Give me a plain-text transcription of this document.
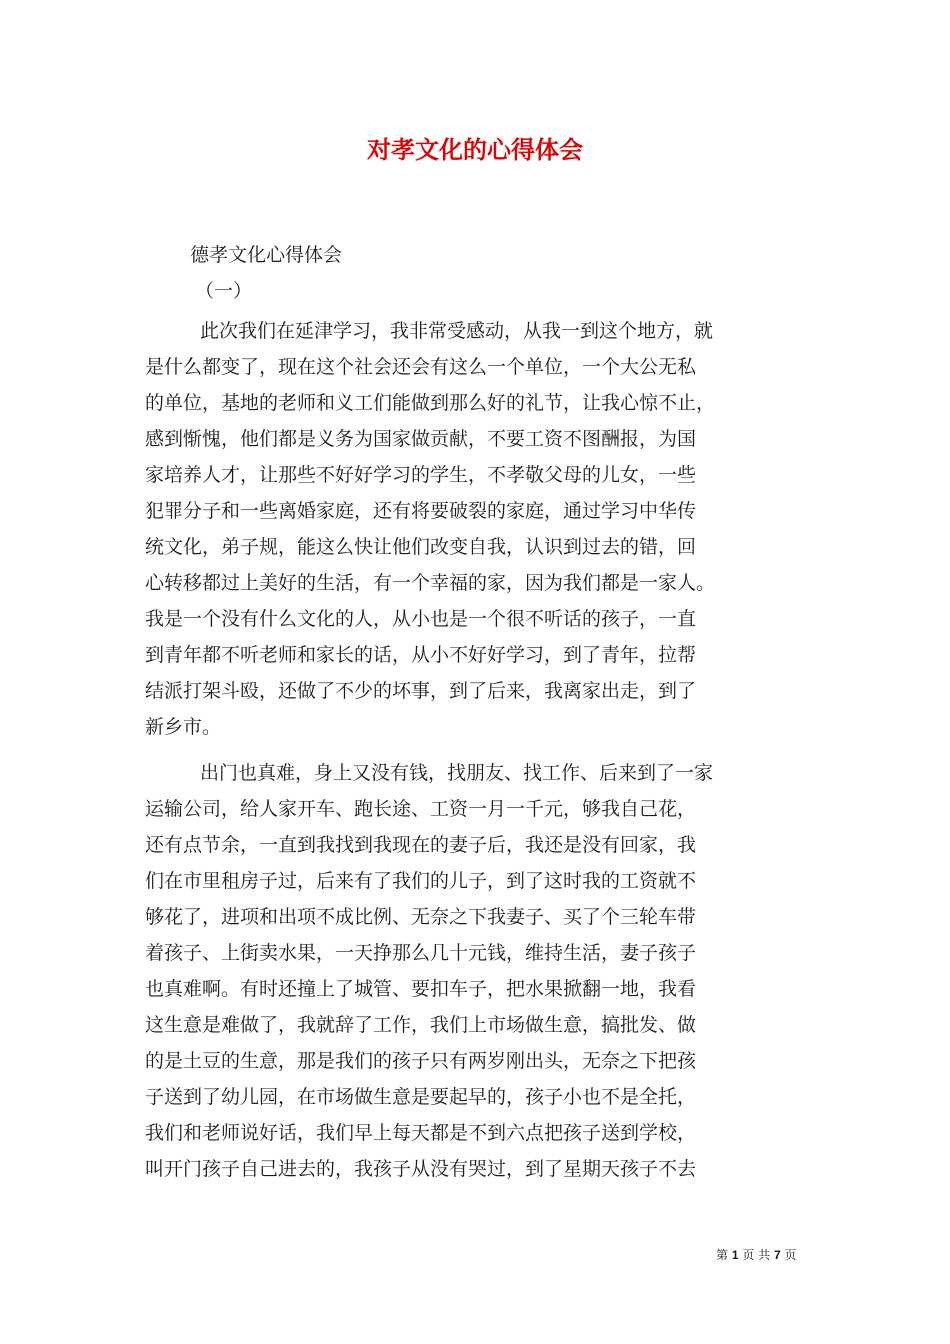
对孝文化的心得体会
德孝文化心得体会
（一）

此次我们在延津学习，我非常受感动，从我一到这个地方，就

是什么都变了，现在这个社会还会有这么一个单位，一个大公无私

的单位，基地的老师和义工们能做到那么好的礼节，让我心惊不止，

感到惭愧，他们都是义务为国家做贡献，不要工资不图酬报，为国

家培养人才，让那些不好好学习的学生，不孝敬父母的儿女，一些

犯罪分子和一些离婚家庭，还有将要破裂的家庭，通过学习中华传

统文化，弟子规，能这么快让他们改变自我，认识到过去的错，回

心转移都过上美好的生活，有一个幸福的家，因为我们都是一家人。

我是一个没有什么文化的人，从小也是一个很不听话的孩子，一直

到青年都不听老师和家长的话，从小不好好学习，到了青年，拉帮

结派打架斗殴，还做了不少的坏事，到了后来，我离家出走，到了

新乡市。

出门也真难，身上又没有钱，找朋友、找工作、后来到了一家

运输公司，给人家开车、跑长途、工资一月一千元，够我自己花，

还有点节余，一直到我找到我现在的妻子后，我还是没有回家，我

们在市里租房子过，后来有了我们的儿子，到了这时我的工资就不

够花了，进项和出项不成比例、无奈之下我妻子、买了个三轮车带

着孩子、上街卖水果，一天挣那么几十元钱，维持生活，妻子孩子

也真难啊。有时还撞上了城管、要扣车子，把水果掀翻一地，我看

这生意是难做了，我就辞了工作，我们上市场做生意，搞批发、做

的是土豆的生意，那是我们的孩子只有两岁刚出头，无奈之下把孩

子送到了幼儿园，在市场做生意是要起早的，孩子小也不是全托，

我们和老师说好话，我们早上每天都是不到六点把孩子送到学校，

叫开门孩子自己进去的，我孩子从没有哭过，到了星期天孩子不去

第 1 页 共 7 页
